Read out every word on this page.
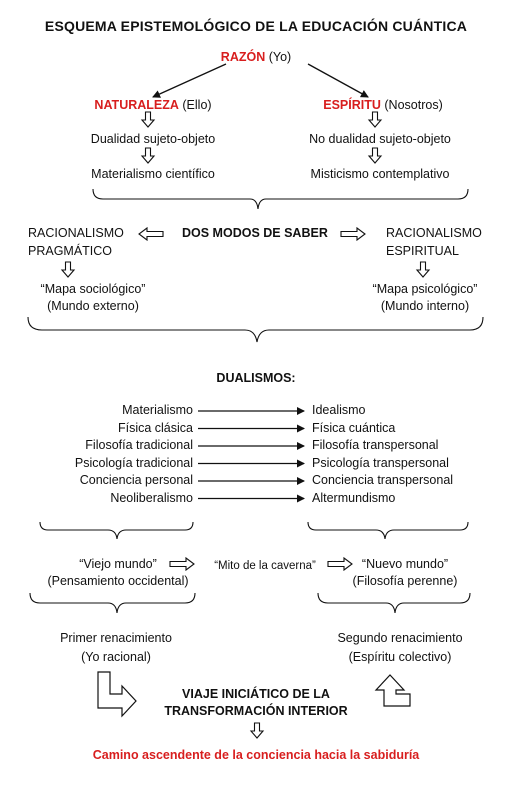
ESQUEMA EPISTEMOLÓGICO DE LA EDUCACIÓN CUÁNTICA
RAZÓN (Yo)
NATURALEZA (Ello)	ESPÍRITU (Nosotros)
Dualidad sujeto-objeto
Materialismo científico
No dualidad sujeto-objeto
Misticismo contemplativo
RACIONALISMO
PRAGMÁTICO
DOS MODOS DE SABER	RACIONALISMO
ESPIRITUAL
“Mapa sociológico”
(Mundo externo)
“Mapa psicológico”
(Mundo interno)
DUALISMOS:
Materialismo	Idealismo
Física clásica	Física cuántica
Filosofía tradicional	Filosofía transpersonal
Psicología tradicional	Psicología transpersonal
Conciencia personal	Conciencia transpersonal
Neoliberalismo	Altermundismo
“Viejo mundo”
(Pensamiento occidental)
“Mito de la caverna”	“Nuevo mundo”
(Filosofía perenne)
Primer renacimiento
(Yo racional)
Segundo renacimiento
(Espíritu colectivo)
VIAJE INICIÁTICO DE LA
TRANSFORMACIÓN INTERIOR
Camino ascendente de la conciencia hacia la sabiduría
